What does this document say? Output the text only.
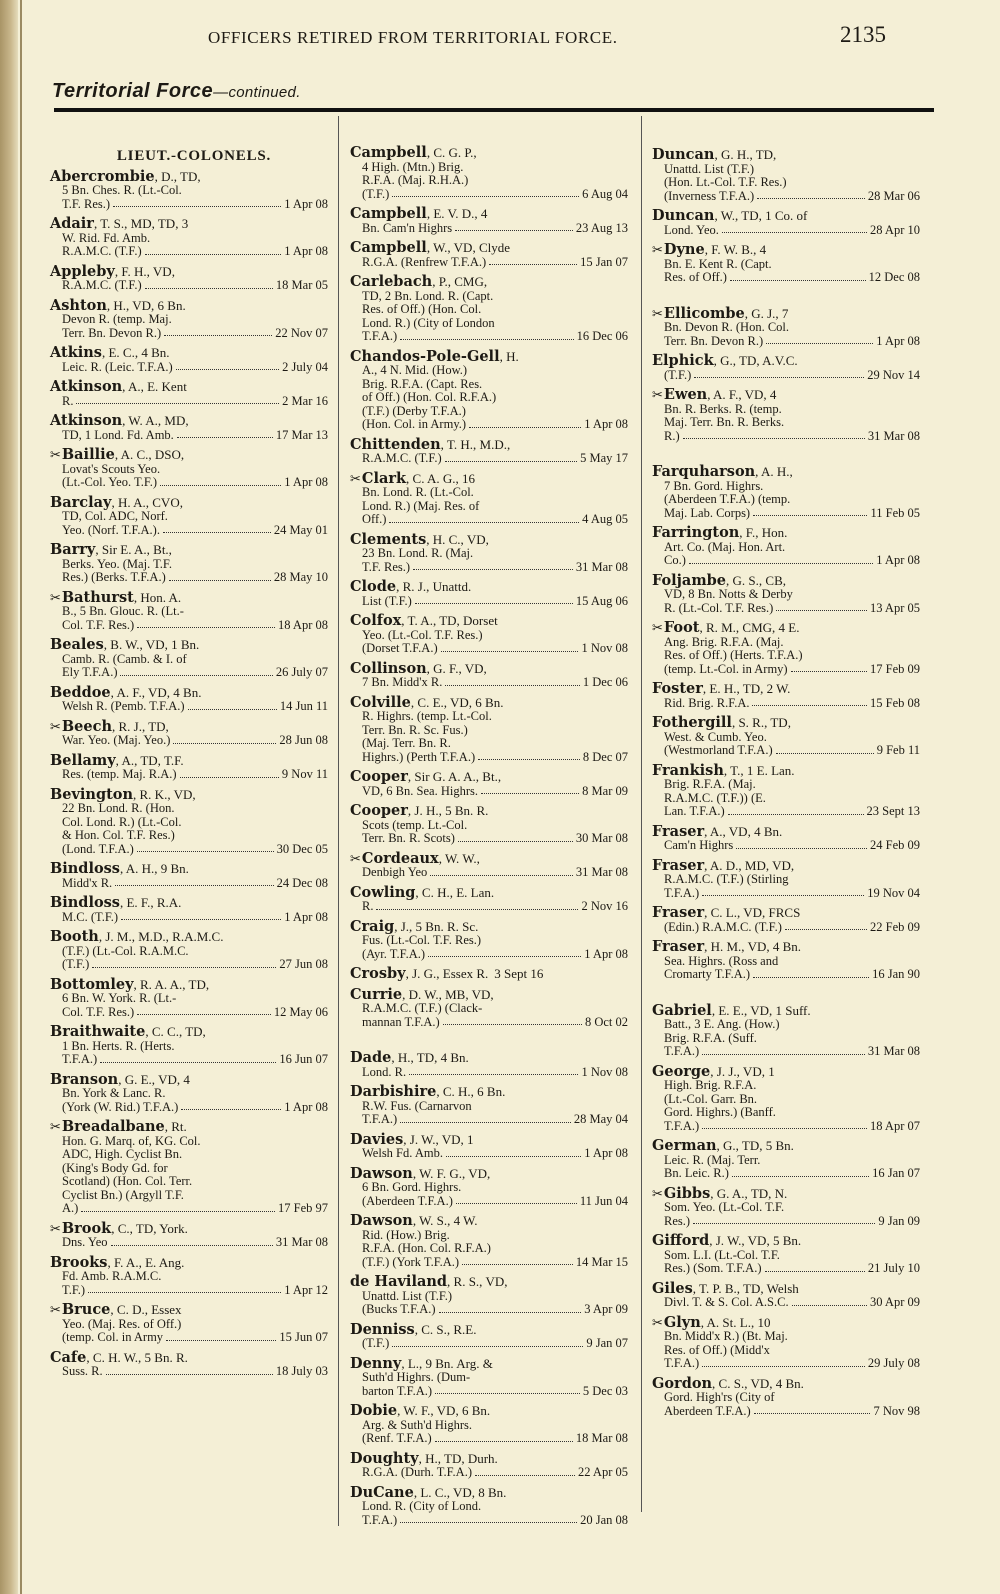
OFFICERS RETIRED FROM TERRITORIAL FORCE.	2135
Territorial Force—continued.
LIEUT.-COLONELS.
Abercrombie, D., TD,
5 Bn. Ches. R. (Lt.-Col.
T.F. Res.)	1 Apr 08
Adair, T. S., MD, TD, 3
W. Rid. Fd. Amb.
R.A.M.C. (T.F.)	1 Apr 08
Appleby, F. H., VD,
R.A.M.C. (T.F.)	18 Mar 05
Ashton, H., VD, 6 Bn.
Devon R. (temp. Maj.
Terr. Bn. Devon R.)	22 Nov 07
Atkins, E. C., 4 Bn.
Leic. R. (Leic. T.F.A.)	2 July 04
Atkinson, A., E. Kent
R.	2 Mar 16
Atkinson, W. A., MD,
TD, 1 Lond. Fd. Amb.	17 Mar 13
✂Baillie, A. C., DSO,
Lovat's Scouts Yeo.
(Lt.-Col. Yeo. T.F.)	1 Apr 08
Barclay, H. A., CVO,
TD, Col. ADC, Norf.
Yeo. (Norf. T.F.A.).	24 May 01
Barry, Sir E. A., Bt.,
Berks. Yeo. (Maj. T.F.
Res.) (Berks. T.F.A.)	28 May 10
✂Bathurst, Hon. A.
B., 5 Bn. Glouc. R. (Lt.-
Col. T.F. Res.)	18 Apr 08
Beales, B. W., VD, 1 Bn.
Camb. R. (Camb. & I. of
Ely T.F.A.)	26 July 07
Beddoe, A. F., VD, 4 Bn.
Welsh R. (Pemb. T.F.A.)	14 Jun 11
✂Beech, R. J., TD,
War. Yeo. (Maj. Yeo.)	28 Jun 08
Bellamy, A., TD, T.F.
Res. (temp. Maj. R.A.)	9 Nov 11
Bevington, R. K., VD,
22 Bn. Lond. R. (Hon.
Col. Lond. R.) (Lt.-Col.
& Hon. Col. T.F. Res.)
(Lond. T.F.A.)	30 Dec 05
Bindloss, A. H., 9 Bn.
Midd'x R.	24 Dec 08
Bindloss, E. F., R.A.
M.C. (T.F.)	1 Apr 08
Booth, J. M., M.D., R.A.M.C.
(T.F.) (Lt.-Col. R.A.M.C.
(T.F.)	27 Jun 08
Bottomley, R. A. A., TD,
6 Bn. W. York. R. (Lt.-
Col. T.F. Res.)	12 May 06
Braithwaite, C. C., TD,
1 Bn. Herts. R. (Herts.
T.F.A.)	16 Jun 07
Branson, G. E., VD, 4
Bn. York & Lanc. R.
(York (W. Rid.) T.F.A.)	1 Apr 08
✂Breadalbane, Rt.
Hon. G. Marq. of, KG. Col.
ADC, High. Cyclist Bn.
(King's Body Gd. for
Scotland) (Hon. Col. Terr.
Cyclist Bn.) (Argyll T.F.
A.)	17 Feb 97
✂Brook, C., TD, York.
Dns. Yeo	31 Mar 08
Brooks, F. A., E. Ang.
Fd. Amb. R.A.M.C.
T.F.)	1 Apr 12
✂Bruce, C. D., Essex
Yeo. (Maj. Res. of Off.)
(temp. Col. in Army	15 Jun 07
Cafe, C. H. W., 5 Bn. R.
Suss. R.	18 July 03
Campbell, C. G. P.,
4 High. (Mtn.) Brig.
R.F.A. (Maj. R.H.A.)
(T.F.)	6 Aug 04
Campbell, E. V. D., 4
Bn. Cam'n Highrs	23 Aug 13
Campbell, W., VD, Clyde
R.G.A. (Renfrew T.F.A.)	15 Jan 07
Carlebach, P., CMG,
TD, 2 Bn. Lond. R. (Capt.
Res. of Off.) (Hon. Col.
Lond. R.) (City of London
T.F.A.)	16 Dec 06
Chandos-Pole-Gell, H.
A., 4 N. Mid. (How.)
Brig. R.F.A. (Capt. Res.
of Off.) (Hon. Col. R.F.A.)
(T.F.) (Derby T.F.A.)
(Hon. Col. in Army.)	1 Apr 08
Chittenden, T. H., M.D.,
R.A.M.C. (T.F.)	5 May 17
✂Clark, C. A. G., 16
Bn. Lond. R. (Lt.-Col.
Lond. R.) (Maj. Res. of
Off.)	4 Aug 05
Clements, H. C., VD,
23 Bn. Lond. R. (Maj.
T.F. Res.)	31 Mar 08
Clode, R. J., Unattd.
List (T.F.)	15 Aug 06
Colfox, T. A., TD, Dorset
Yeo. (Lt.-Col. T.F. Res.)
(Dorset T.F.A.)	1 Nov 08
Collinson, G. F., VD,
7 Bn. Midd'x R.	1 Dec 06
Colville, C. E., VD, 6 Bn.
R. Highrs. (temp. Lt.-Col.
Terr. Bn. R. Sc. Fus.)
(Maj. Terr. Bn. R.
Highrs.) (Perth T.F.A.)	8 Dec 07
Cooper, Sir G. A. A., Bt.,
VD, 6 Bn. Sea. Highrs.	8 Mar 09
Cooper, J. H., 5 Bn. R.
Scots (temp. Lt.-Col.
Terr. Bn. R. Scots)	30 Mar 08
✂Cordeaux, W. W.,
Denbigh Yeo	31 Mar 08
Cowling, C. H., E. Lan.
R.	2 Nov 16
Craig, J., 5 Bn. R. Sc.
Fus. (Lt.-Col. T.F. Res.)
(Ayr. T.F.A.)	1 Apr 08
Crosby, J. G., Essex R. 3 Sept 16
Currie, D. W., MB, VD,
R.A.M.C. (T.F.) (Clack-
mannan T.F.A.)	8 Oct 02
Dade, H., TD, 4 Bn.
Lond. R.	1 Nov 08
Darbishire, C. H., 6 Bn.
R.W. Fus. (Carnarvon
T.F.A.)	28 May 04
Davies, J. W., VD, 1
Welsh Fd. Amb.	1 Apr 08
Dawson, W. F. G., VD,
6 Bn. Gord. Highrs.
(Aberdeen T.F.A.)	11 Jun 04
Dawson, W. S., 4 W.
Rid. (How.) Brig.
R.F.A. (Hon. Col. R.F.A.)
(T.F.) (York T.F.A.)	14 Mar 15
de Haviland, R. S., VD,
Unattd. List (T.F.)
(Bucks T.F.A.)	3 Apr 09
Denniss, C. S., R.E.
(T.F.)	9 Jan 07
Denny, L., 9 Bn. Arg. &
Suth'd Highrs. (Dum-
barton T.F.A.)	5 Dec 03
Dobie, W. F., VD, 6 Bn.
Arg. & Suth'd Highrs.
(Renf. T.F.A.)	18 Mar 08
Doughty, H., TD, Durh.
R.G.A. (Durh. T.F.A.)	22 Apr 05
DuCane, L. C., VD, 8 Bn.
Lond. R. (City of Lond.
T.F.A.)	20 Jan 08
Duncan, G. H., TD,
Unattd. List (T.F.)
(Hon. Lt.-Col. T.F. Res.)
(Inverness T.F.A.)	28 Mar 06
Duncan, W., TD, 1 Co. of
Lond. Yeo.	28 Apr 10
✂Dyne, F. W. B., 4
Bn. E. Kent R. (Capt.
Res. of Off.)	12 Dec 08
✂Ellicombe, G. J., 7
Bn. Devon R. (Hon. Col.
Terr. Bn. Devon R.)	1 Apr 08
Elphick, G., TD, A.V.C.
(T.F.)	29 Nov 14
✂Ewen, A. F., VD, 4
Bn. R. Berks. R. (temp.
Maj. Terr. Bn. R. Berks.
R.)	31 Mar 08
Farquharson, A. H.,
7 Bn. Gord. Highrs.
(Aberdeen T.F.A.) (temp.
Maj. Lab. Corps)	11 Feb 05
Farrington, F., Hon.
Art. Co. (Maj. Hon. Art.
Co.)	1 Apr 08
Foljambe, G. S., CB,
VD, 8 Bn. Notts & Derby
R. (Lt.-Col. T.F. Res.)	13 Apr 05
✂Foot, R. M., CMG, 4 E.
Ang. Brig. R.F.A. (Maj.
Res. of Off.) (Herts. T.F.A.)
(temp. Lt.-Col. in Army)	17 Feb 09
Foster, E. H., TD, 2 W.
Rid. Brig. R.F.A.	15 Feb 08
Fothergill, S. R., TD,
West. & Cumb. Yeo.
(Westmorland T.F.A.)	9 Feb 11
Frankish, T., 1 E. Lan.
Brig. R.F.A. (Maj.
R.A.M.C. (T.F.)) (E.
Lan. T.F.A.)	23 Sept 13
Fraser, A., VD, 4 Bn.
Cam'n Highrs	24 Feb 09
Fraser, A. D., MD, VD,
R.A.M.C. (T.F.) (Stirling
T.F.A.)	19 Nov 04
Fraser, C. L., VD, FRCS
(Edin.) R.A.M.C. (T.F.)	22 Feb 09
Fraser, H. M., VD, 4 Bn.
Sea. Highrs. (Ross and
Cromarty T.F.A.)	16 Jan 90
Gabriel, E. E., VD, 1 Suff.
Batt., 3 E. Ang. (How.)
Brig. R.F.A. (Suff.
T.F.A.)	31 Mar 08
George, J. J., VD, 1
High. Brig. R.F.A.
(Lt.-Col. Garr. Bn.
Gord. Highrs.) (Banff.
T.F.A.)	18 Apr 07
German, G., TD, 5 Bn.
Leic. R. (Maj. Terr.
Bn. Leic. R.)	16 Jan 07
✂Gibbs, G. A., TD, N.
Som. Yeo. (Lt.-Col. T.F.
Res.)	9 Jan 09
Gifford, J. W., VD, 5 Bn.
Som. L.I. (Lt.-Col. T.F.
Res.) (Som. T.F.A.)	21 July 10
Giles, T. P. B., TD, Welsh
Divl. T. & S. Col. A.S.C.	30 Apr 09
✂Glyn, A. St. L., 10
Bn. Midd'x R.) (Bt. Maj.
Res. of Off.) (Midd'x
T.F.A.)	29 July 08
Gordon, C. S., VD, 4 Bn.
Gord. High'rs (City of
Aberdeen T.F.A.)	7 Nov 98
